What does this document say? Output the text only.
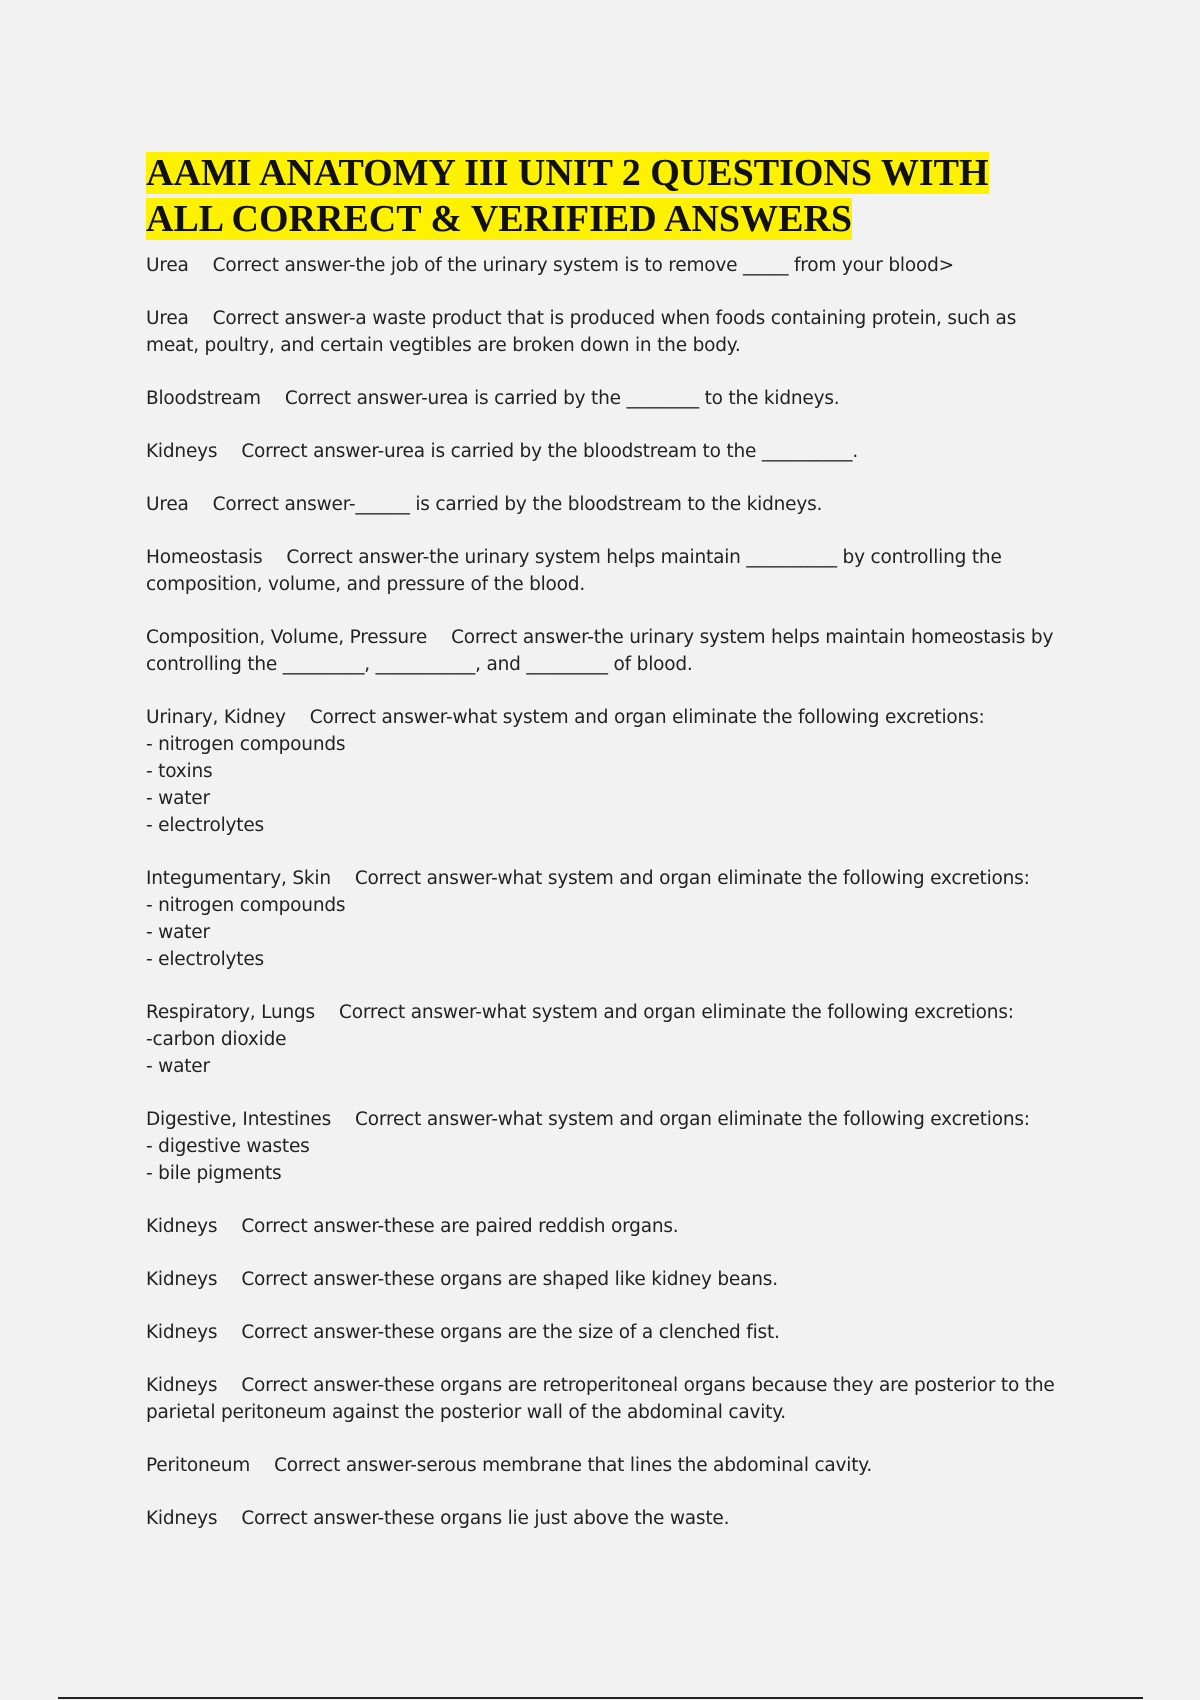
AAMI ANATOMY III UNIT 2 QUESTIONS WITH
ALL CORRECT & VERIFIED ANSWERS

Urea Correct answer-the job of the urinary system is to remove _____ from your blood>

Urea Correct answer-a waste product that is produced when foods containing protein, such as meat, poultry, and certain vegtibles are broken down in the body.

Bloodstream Correct answer-urea is carried by the ________ to the kidneys.

Kidneys Correct answer-urea is carried by the bloodstream to the __________.

Urea Correct answer-______ is carried by the bloodstream to the kidneys.

Homeostasis Correct answer-the urinary system helps maintain __________ by controlling the composition, volume, and pressure of the blood.

Composition, Volume, Pressure Correct answer-the urinary system helps maintain homeostasis by controlling the _________, ___________, and _________ of blood.

Urinary, Kidney Correct answer-what system and organ eliminate the following excretions:
- nitrogen compounds
- toxins
- water
- electrolytes

Integumentary, Skin Correct answer-what system and organ eliminate the following excretions:
- nitrogen compounds
- water
- electrolytes

Respiratory, Lungs Correct answer-what system and organ eliminate the following excretions:
-carbon dioxide
- water

Digestive, Intestines Correct answer-what system and organ eliminate the following excretions:
- digestive wastes
- bile pigments

Kidneys Correct answer-these are paired reddish organs.

Kidneys Correct answer-these organs are shaped like kidney beans.

Kidneys Correct answer-these organs are the size of a clenched fist.

Kidneys Correct answer-these organs are retroperitoneal organs because they are posterior to the parietal peritoneum against the posterior wall of the abdominal cavity.

Peritoneum Correct answer-serous membrane that lines the abdominal cavity.

Kidneys Correct answer-these organs lie just above the waste.
